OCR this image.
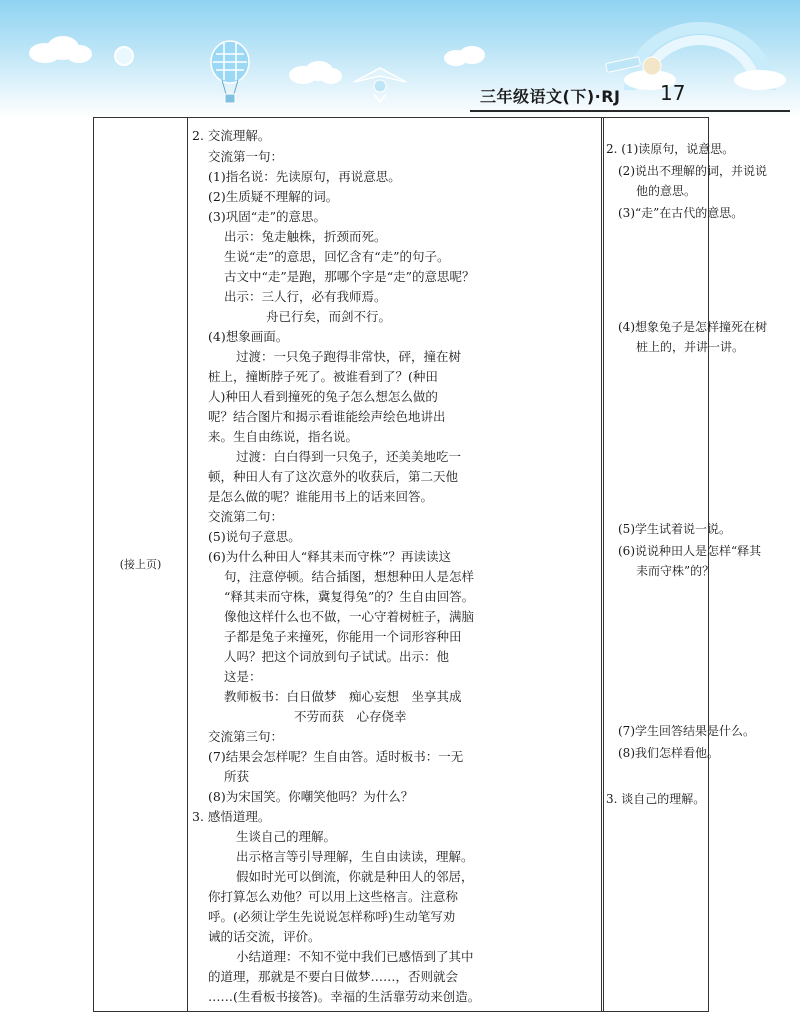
三年级语文(下)·RJ 17
(接上页)
2. 交流理解。
交流第一句：
(1)指名说：先读原句，再说意思。
(2)生质疑不理解的词。
(3)巩固“走”的意思。
出示：兔走触株，折颈而死。
生说“走”的意思，回忆含有“走”的句子。
古文中“走”是跑，那哪个字是“走”的意思呢？
出示：三人行，必有我师焉。
舟已行矣，而剑不行。
(4)想象画面。
过渡：一只兔子跑得非常快，砰，撞在树
桩上，撞断脖子死了。被谁看到了？(种田
人)种田人看到撞死的兔子怎么想怎么做的
呢？结合图片和揭示看谁能绘声绘色地讲出
来。生自由练说，指名说。
过渡：白白得到一只兔子，还美美地吃一
顿，种田人有了这次意外的收获后，第二天他
是怎么做的呢？谁能用书上的话来回答。
交流第二句：
(5)说句子意思。
(6)为什么种田人“释其耒而守株”？再读读这
句，注意停顿。结合插图，想想种田人是怎样
“释其耒而守株，冀复得兔”的？生自由回答。
像他这样什么也不做，一心守着树桩子，满脑
子都是兔子来撞死，你能用一个词形容种田
人吗？把这个词放到句子试试。出示：他
这是：
教师板书：白日做梦　痴心妄想　坐享其成
不劳而获　心存侥幸
交流第三句：
(7)结果会怎样呢？生自由答。适时板书：一无
所获
(8)为宋国笑。你嘲笑他吗？为什么？
3. 感悟道理。
生谈自己的理解。
出示格言等引导理解，生自由读读，理解。
假如时光可以倒流，你就是种田人的邻居，
你打算怎么劝他？可以用上这些格言。注意称
呼。(必须让学生先说说怎样称呼)生动笔写劝
诫的话交流，评价。
小结道理：不知不觉中我们已感悟到了其中
的道理，那就是不要白日做梦……，否则就会
……(生看板书接答)。幸福的生活靠劳动来创造。
2. (1)读原句，说意思。
(2)说出不理解的词，并说说
他的意思。
(3)“走”在古代的意思。
(4)想象兔子是怎样撞死在树
桩上的，并讲一讲。
(5)学生试着说一说。
(6)说说种田人是怎样“释其
耒而守株”的？
(7)学生回答结果是什么。
(8)我们怎样看他。
3. 谈自己的理解。
